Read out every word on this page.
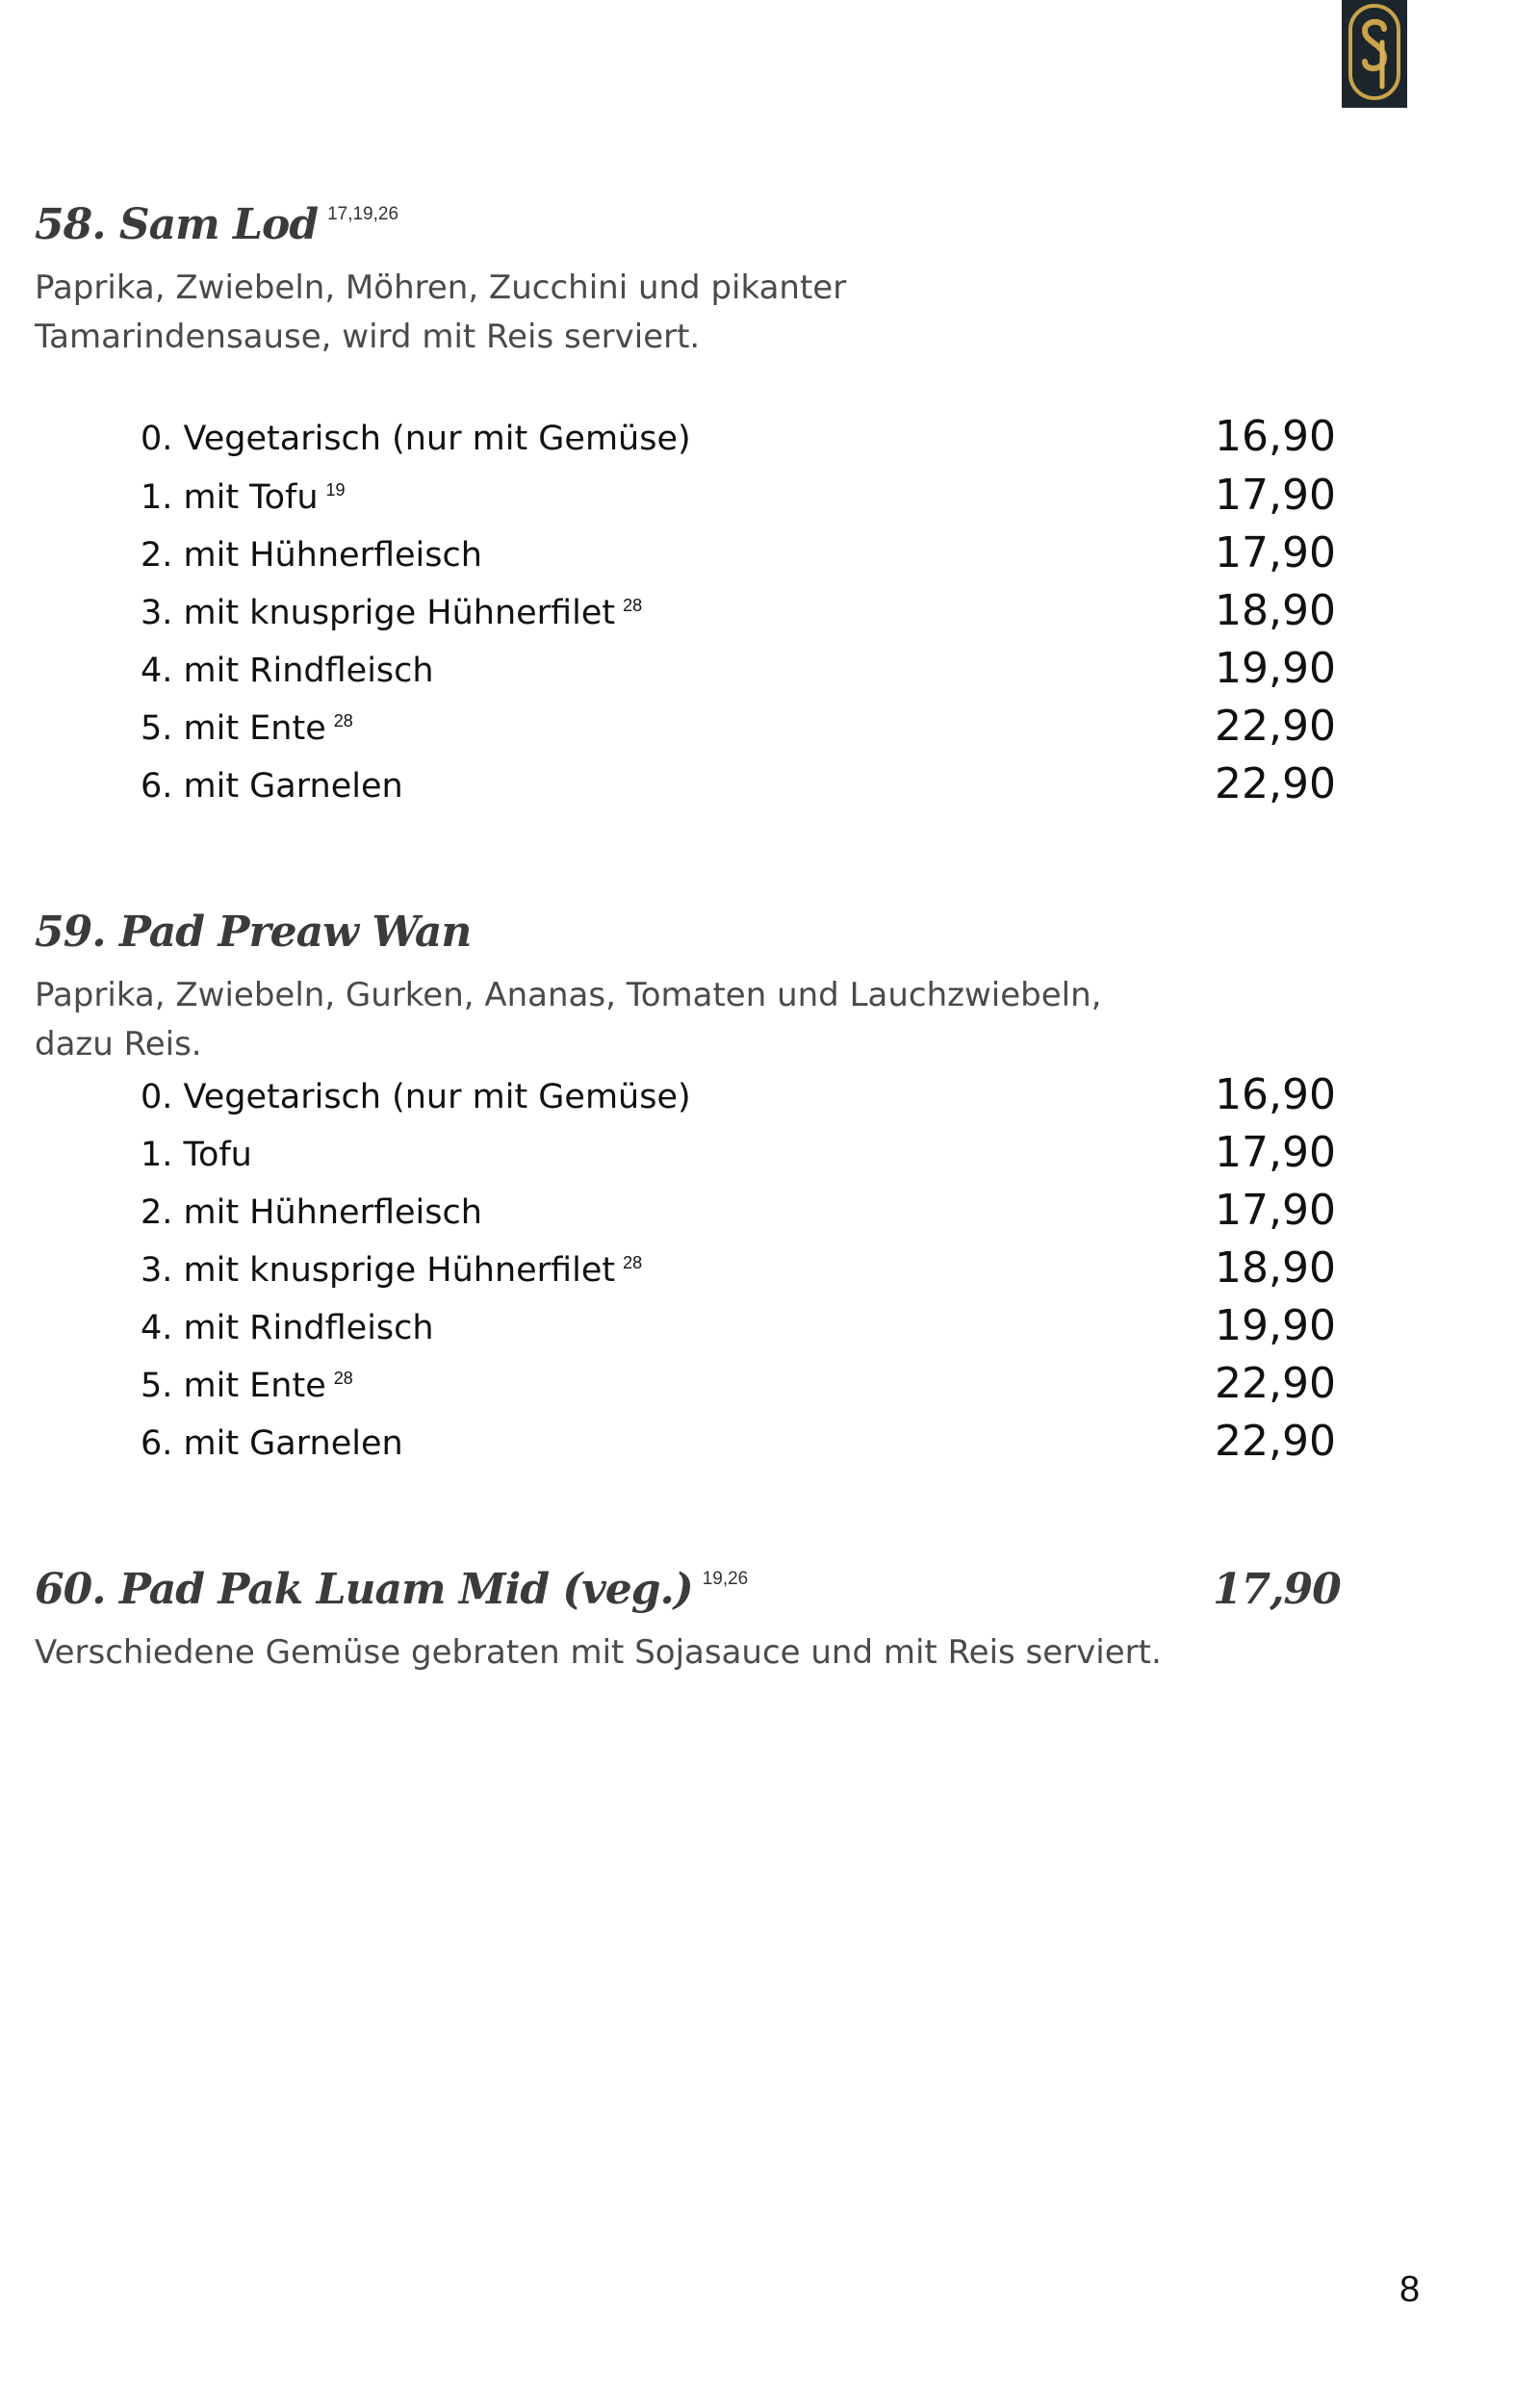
58. Sam Lod $^{17,19,26}$

Paprika, Zwiebeln, Möhren, Zucchini und pikanter
Tamarindensause, wird mit Reis serviert.

0. Vegetarisch (nur mit Gemüse)	16,90

1. mit Tofu $^{19}$	17,90

2. mit Hühnerfleisch	17,90

3. mit knusprige Hühnerfilet $^{28}$	18,90

4. mit Rindfleisch	19,90

5. mit Ente $^{28}$	22,90

6. mit Garnelen	22,90

59. Pad Preaw Wan

Paprika, Zwiebeln, Gurken, Ananas, Tomaten und Lauchzwiebeln,
dazu Reis.

0. Vegetarisch (nur mit Gemüse)	16,90

1. Tofu	17,90

2. mit Hühnerfleisch	17,90

3. mit knusprige Hühnerfilet $^{28}$	18,90

4. mit Rindfleisch	19,90

5. mit Ente $^{28}$	22,90

6. mit Garnelen	22,90

60. Pad Pak Luam Mid (veg.) $^{19,26}$	17,90

Verschiedene Gemüse gebraten mit Sojasauce und mit Reis serviert.

8
